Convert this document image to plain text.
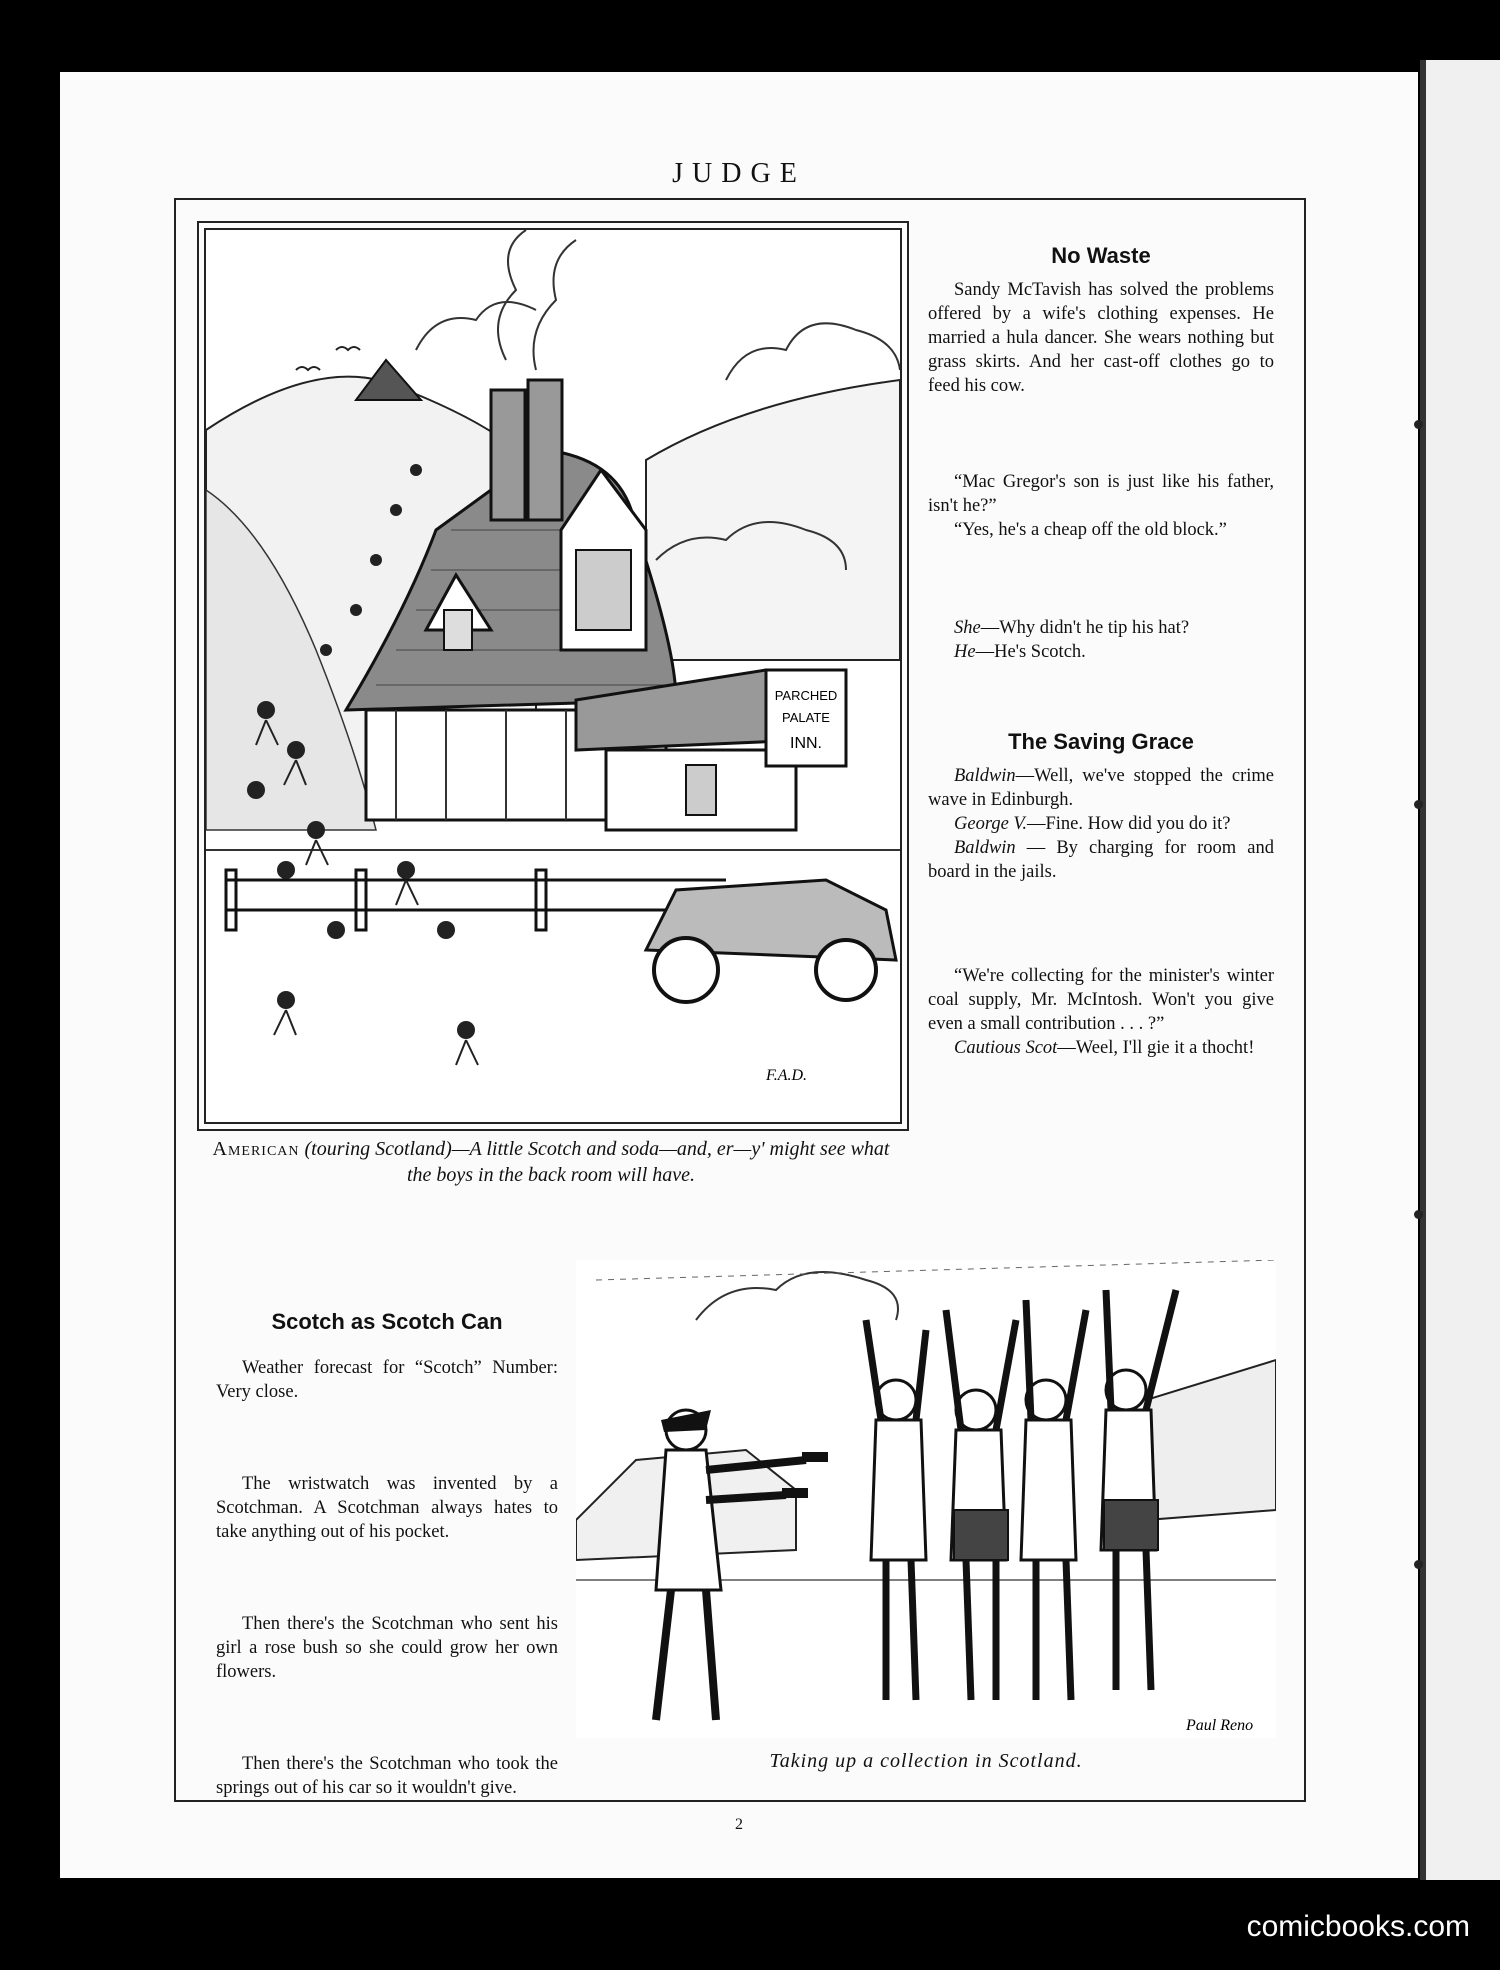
JUDGE
PARCHED
PALATE
INN.
F.A.D.
American (touring Scotland)—A little Scotch and soda—and, er—y' might see what the boys in the back room will have.
No Waste

Sandy McTavish has solved the problems offered by a wife's clothing expenses. He married a hula dancer. She wears nothing but grass skirts. And her cast-off clothes go to feed his cow.

“Mac Gregor's son is just like his father, isn't he?”

“Yes, he's a cheap off the old block.”

She—Why didn't he tip his hat?

He—He's Scotch.

The Saving Grace

Baldwin—Well, we've stopped the crime wave in Edinburgh.

George V.—Fine. How did you do it?

Baldwin — By charging for room and board in the jails.

“We're collecting for the minister's winter coal supply, Mr. McIntosh. Won't you give even a small contribution . . . ?”

Cautious Scot—Weel, I'll gie it a thocht!

Scotch as Scotch Can

Weather forecast for “Scotch” Number: Very close.

The wristwatch was invented by a Scotchman. A Scotchman always hates to take anything out of his pocket.

Then there's the Scotchman who sent his girl a rose bush so she could grow her own flowers.

Then there's the Scotchman who took the springs out of his car so it wouldn't give.

Paul Reno
Taking up a collection in Scotland.
2
comicbooks.com
